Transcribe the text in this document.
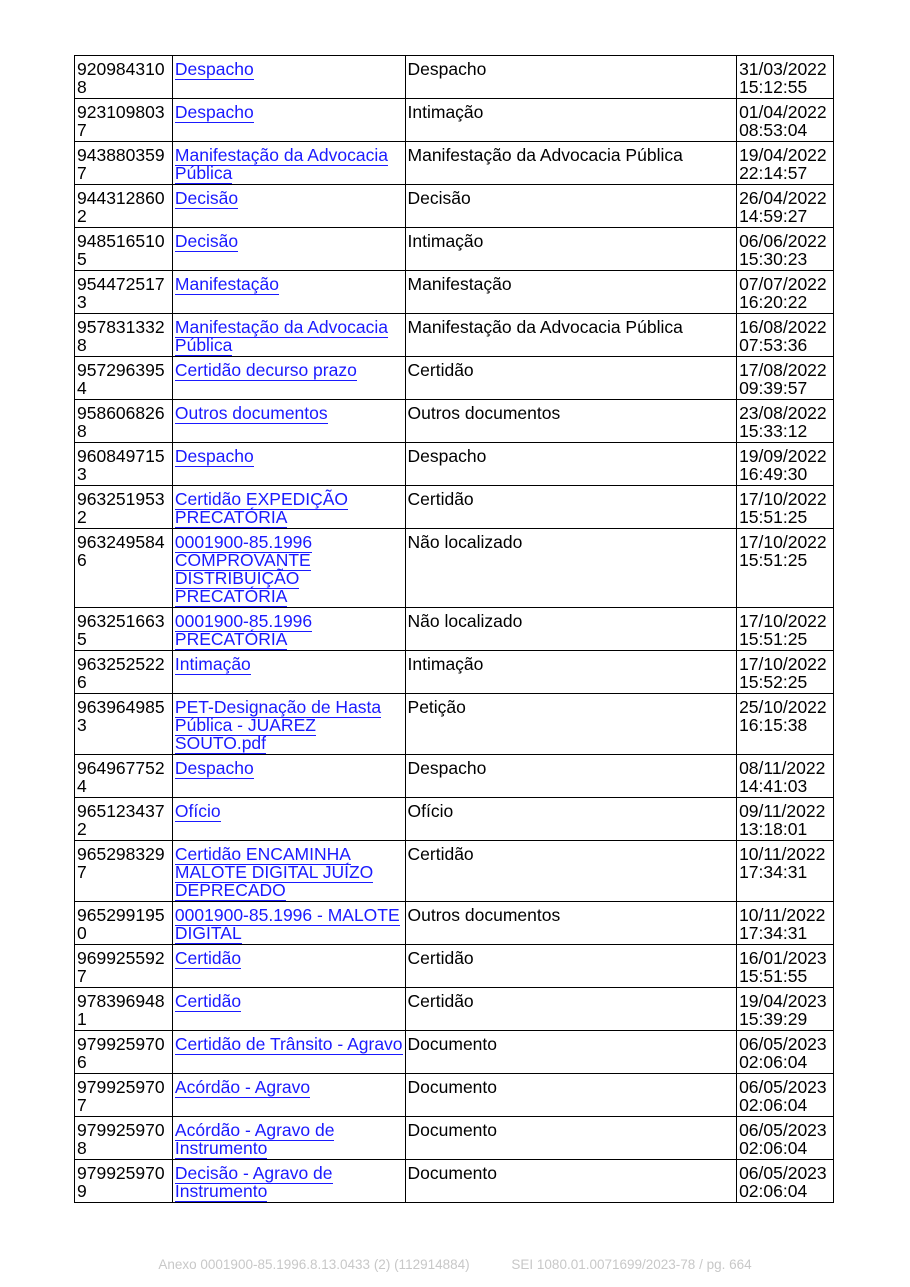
9209843108	Despacho	Despacho	31/03/2022
15:12:55

9231098037	Despacho	Intimação	01/04/2022
08:53:04

9438803597	Manifestação da Advocacia Pública	Manifestação da Advocacia Pública	19/04/2022
22:14:57

9443128602	Decisão	Decisão	26/04/2022
14:59:27

9485165105	Decisão	Intimação	06/06/2022
15:30:23

9544725173	Manifestação	Manifestação	07/07/2022
16:20:22

9578313328	Manifestação da Advocacia Pública	Manifestação da Advocacia Pública	16/08/2022
07:53:36

9572963954	Certidão decurso prazo	Certidão	17/08/2022
09:39:57

9586068268	Outros documentos	Outros documentos	23/08/2022
15:33:12

9608497153	Despacho	Despacho	19/09/2022
16:49:30

9632519532	Certidão EXPEDIÇÃO PRECATÓRIA	Certidão	17/10/2022
15:51:25

9632495846	0001900-85.1996 COMPROVANTE DISTRIBUIÇÃO PRECATÓRIA	Não localizado	17/10/2022
15:51:25

9632516635	0001900-85.1996 PRECATÓRIA	Não localizado	17/10/2022
15:51:25

9632525226	Intimação	Intimação	17/10/2022
15:52:25

9639649853	PET-Designação de Hasta Pública - JUAREZ SOUTO.pdf	Petição	25/10/2022
16:15:38

9649677524	Despacho	Despacho	08/11/2022
14:41:03

9651234372	Ofício	Ofício	09/11/2022
13:18:01

9652983297	Certidão ENCAMINHA MALOTE DIGITAL JUÍZO DEPRECADO	Certidão	10/11/2022
17:34:31

9652991950	0001900-85.1996 - MALOTE DIGITAL	Outros documentos	10/11/2022
17:34:31

9699255927	Certidão	Certidão	16/01/2023
15:51:55

9783969481	Certidão	Certidão	19/04/2023
15:39:29

9799259706	Certidão de Trânsito - Agravo	Documento	06/05/2023
02:06:04

9799259707	Acórdão - Agravo	Documento	06/05/2023
02:06:04

9799259708	Acórdão - Agravo de Instrumento	Documento	06/05/2023
02:06:04

9799259709	Decisão - Agravo de Instrumento	Documento	06/05/2023
02:06:04
Anexo 0001900-85.1996.8.13.0433 (2) (112914884)	SEI 1080.01.0071699/2023-78 / pg. 664
